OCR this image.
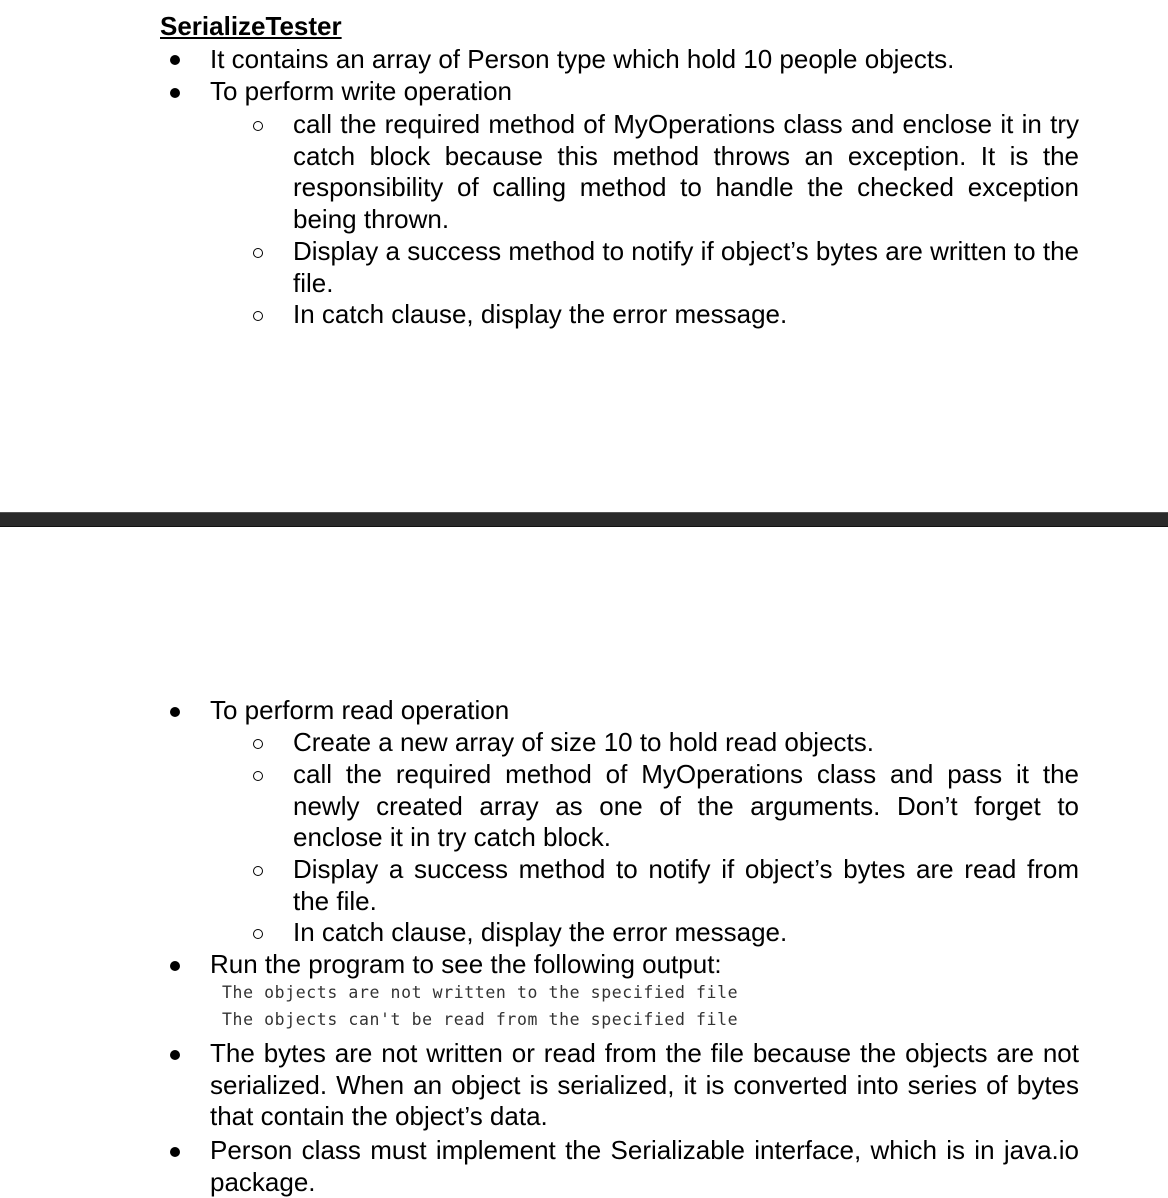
SerializeTester

It contains an array of Person type which hold 10 people objects.

To perform write operation

call the required method of MyOperations class and enclose it in try catch block because this method throws an exception. It is the responsibility of calling method to handle the checked exception being thrown.

Display a success method to notify if object’s bytes are written to the file.

In catch clause, display the error message.

To perform read operation

Create a new array of size 10 to hold read objects.

call the required method of MyOperations class and pass it the newly created array as one of the arguments. Don’t forget to enclose it in try catch block.

Display a success method to notify if object’s bytes are read from the file.

In catch clause, display the error message.

Run the program to see the following output:

The objects are not written to the specified file
The objects can't be read from the specified file

The bytes are not written or read from the file because the objects are not serialized. When an object is serialized, it is converted into series of bytes that contain the object’s data.

Person class must implement the Serializable interface, which is in java.io package.
